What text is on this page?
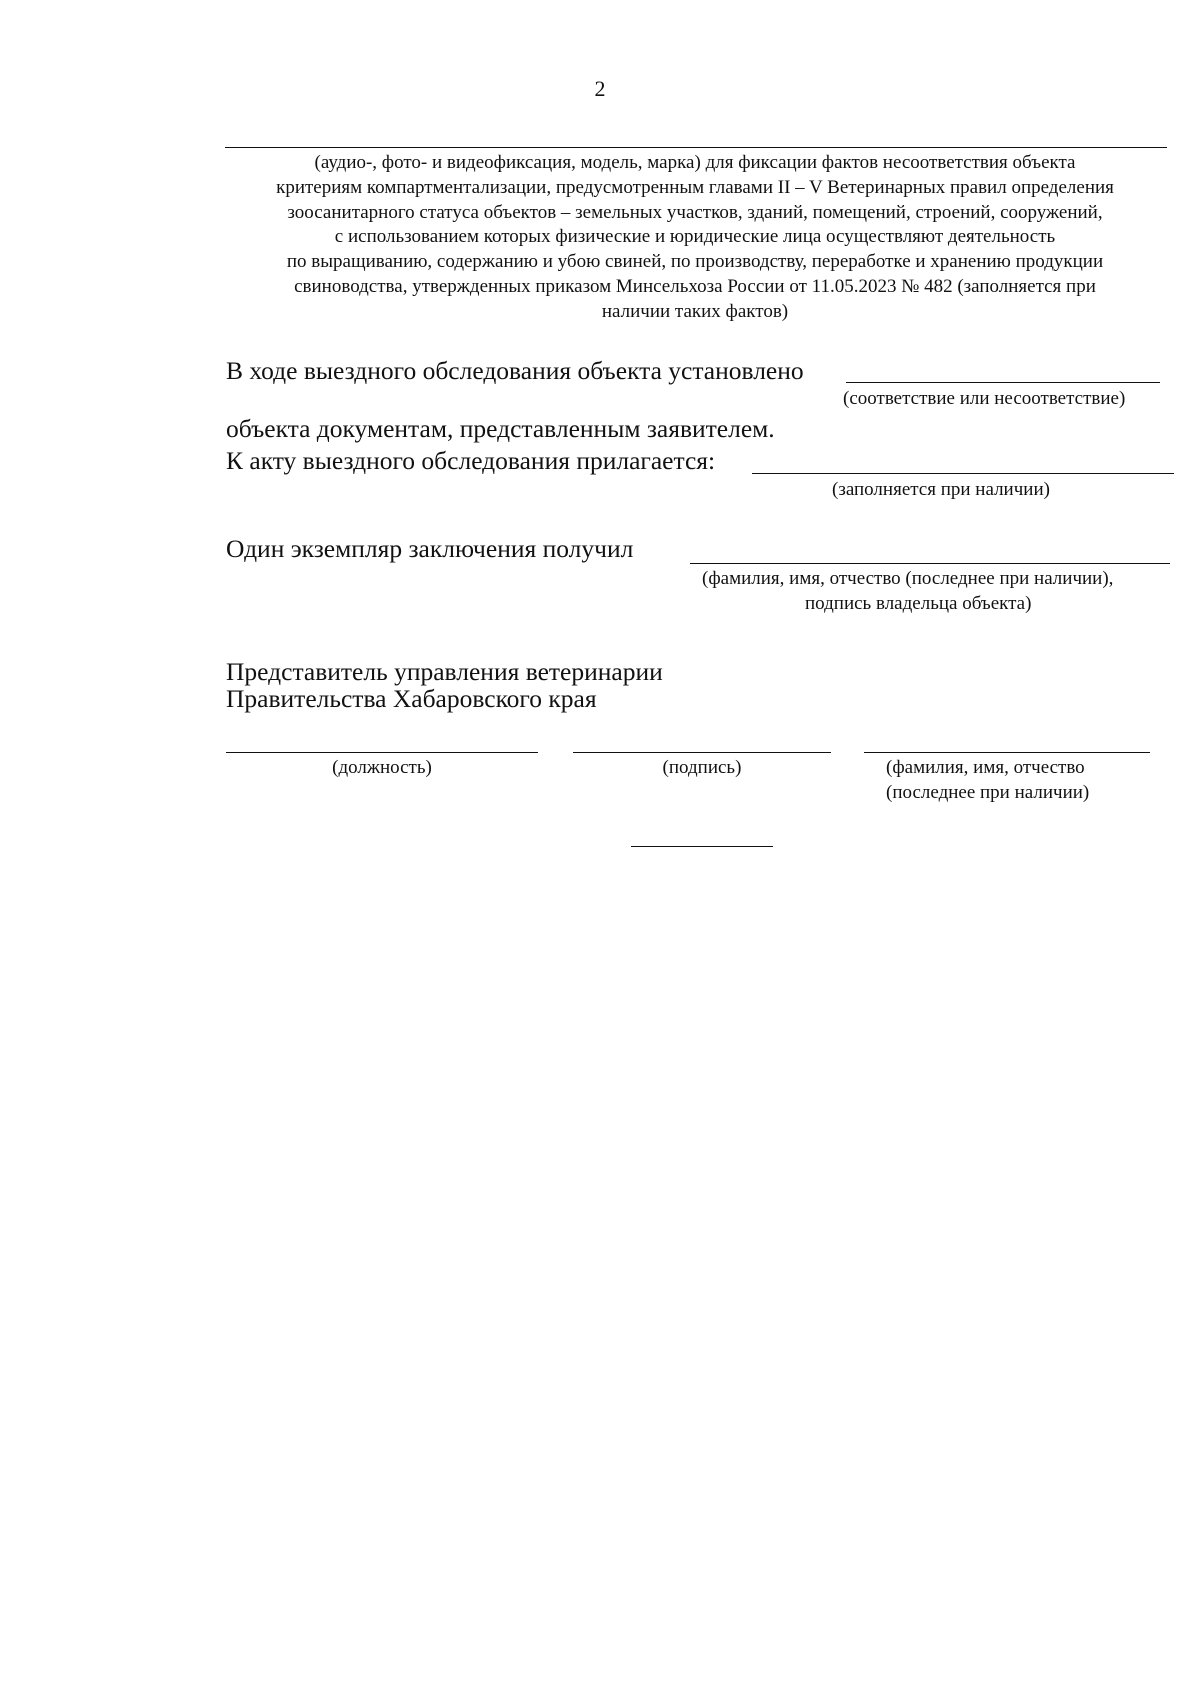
2
(аудио-, фото- и видеофиксация, модель, марка) для фиксации фактов несоответствия объекта
критериям компартментализации, предусмотренным главами II – V Ветеринарных правил определения
зоосанитарного статуса объектов – земельных участков, зданий, помещений, строений, сооружений,
с использованием которых физические и юридические лица осуществляют деятельность
по выращиванию, содержанию и убою свиней, по производству, переработке и хранению продукции
свиноводства, утвержденных приказом Минсельхоза России от 11.05.2023 № 482 (заполняется при
наличии таких фактов)
В ходе выездного обследования объекта установлено
(соответствие или несоответствие)
объекта документам, представленным заявителем.
К акту выездного обследования прилагается:
(заполняется при наличии)
Один экземпляр заключения получил
(фамилия, имя, отчество (последнее при наличии),
подпись владельца объекта)
Представитель управления ветеринарии
Правительства Хабаровского края
(должность)	(подпись)	(фамилия, имя, отчество
(последнее при наличии)
